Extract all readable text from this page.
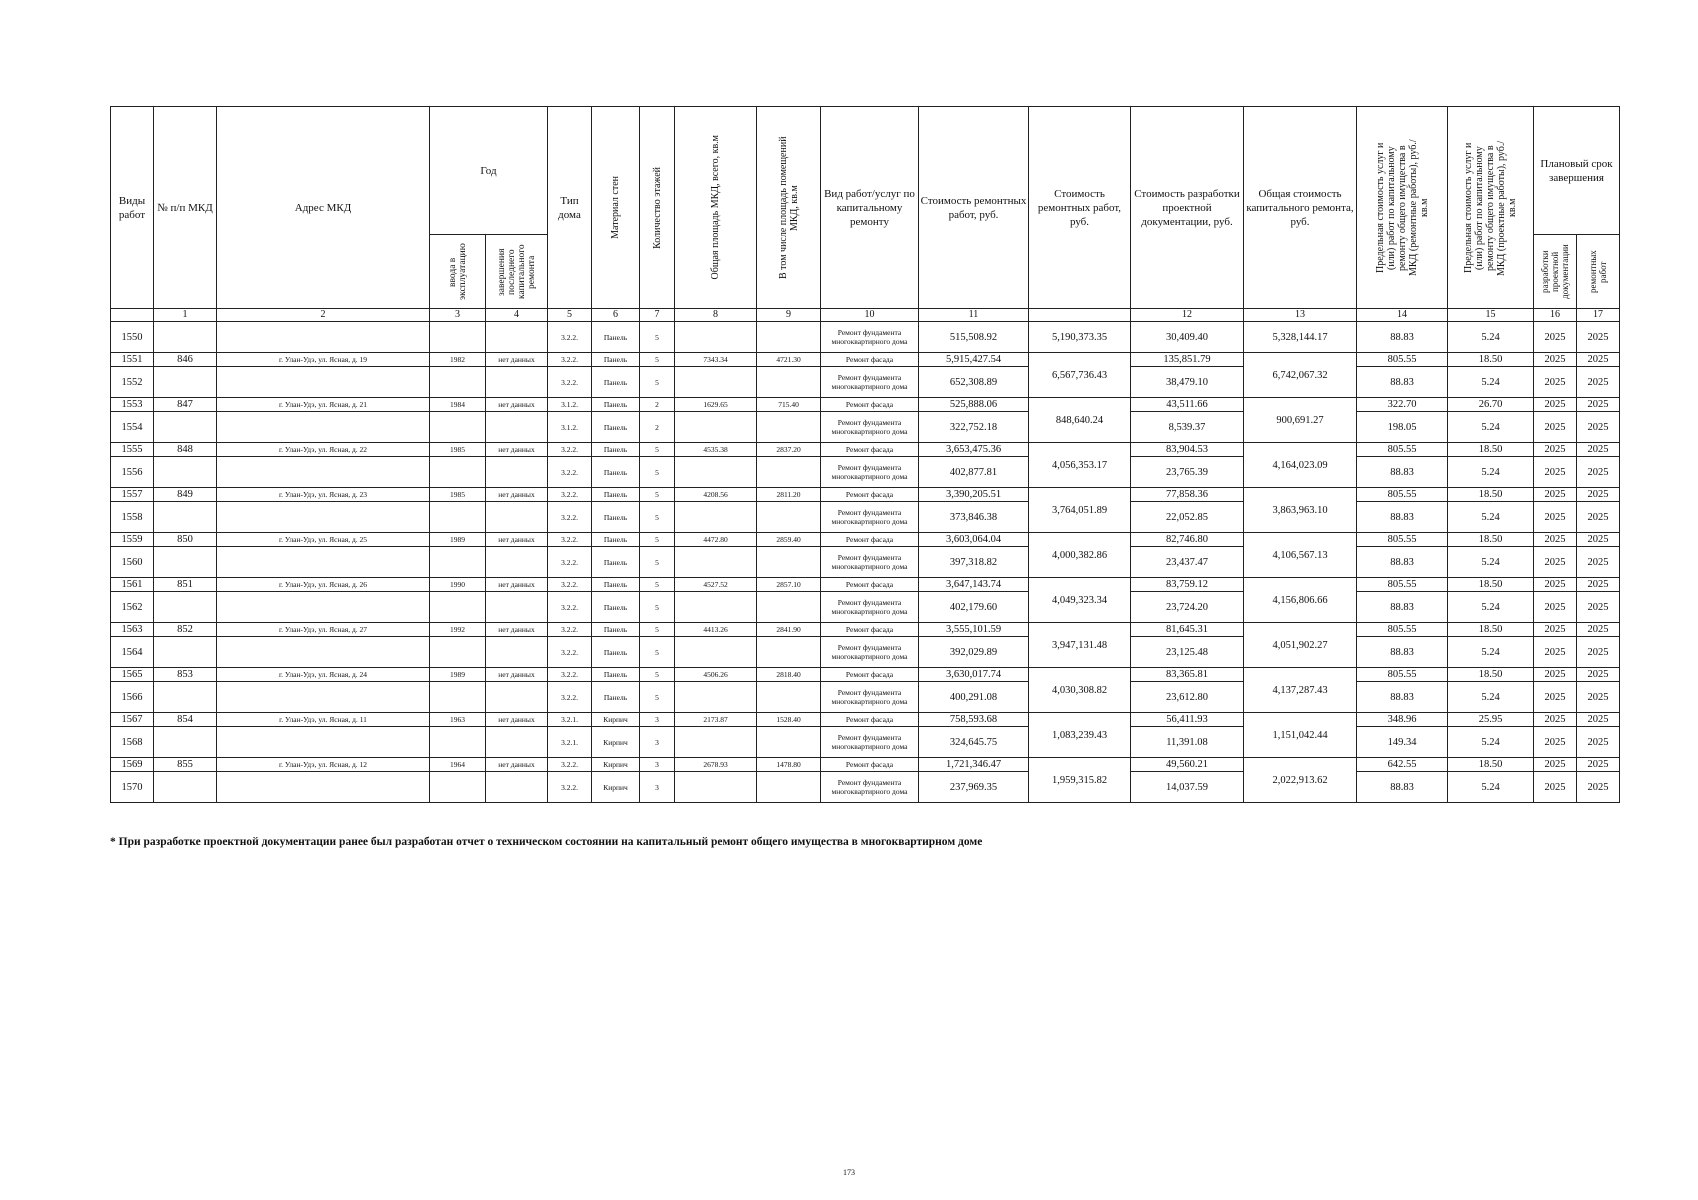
Виды работ	№ п/п МКД	Адрес МКД	Год		Тип дома	Материал стен	Количество этажей	Общая площадь МКД, всего, кв.м	В том числе площадь помещений МКД, кв.м	Вид работ/услуг по капитальному ремонту	Стоимость ремонтных работ, руб.	Стоимость ремонтных работ, руб.	Стоимость разработки проектной документации, руб.	Общая стоимость капитального ремонта, руб.	Предельная стоимость услуг и (или) работ по капитальному ремонту общего имущества в МКД (ремонтные работы), руб./кв.м	Предельная стоимость услуг и (или) работ по капитальному ремонту общего имущества в МКД (проектные работы), руб./кв.м	Плановый срок завершения	

			ввода в эксплуатацию	завершения последнего капитального ремонта													разработки проектной документации	ремонтных работ

	1	2	3	4	5	6	7	8	9	10	11		12	13	14	15	16	17
1550					3.2.2.	Панель	5			Ремонт фундамента многоквартирного дома	515,508.92	5,190,373.35	30,409.40	5,328,144.17	88.83	5.24	2025	2025
1551	846	г. Улан-Удэ, ул. Ясная, д. 19	1982	нет данных	3.2.2.	Панель	5	7343.34	4721.30	Ремонт фасада	5,915,427.54	6,567,736.43	135,851.79	6,742,067.32	805.55	18.50	2025	2025
1552					3.2.2.	Панель	5			Ремонт фундамента многоквартирного дома	652,308.89		38,479.10		88.83	5.24	2025	2025
1553	847	г. Улан-Удэ, ул. Ясная, д. 21	1984	нет данных	3.1.2.	Панель	2	1629.65	715.40	Ремонт фасада	525,888.06	848,640.24	43,511.66	900,691.27	322.70	26.70	2025	2025
1554					3.1.2.	Панель	2			Ремонт фундамента многоквартирного дома	322,752.18		8,539.37		198.05	5.24	2025	2025
1555	848	г. Улан-Удэ, ул. Ясная, д. 22	1985	нет данных	3.2.2.	Панель	5	4535.38	2837.20	Ремонт фасада	3,653,475.36	4,056,353.17	83,904.53	4,164,023.09	805.55	18.50	2025	2025
1556					3.2.2.	Панель	5			Ремонт фундамента многоквартирного дома	402,877.81		23,765.39		88.83	5.24	2025	2025
1557	849	г. Улан-Удэ, ул. Ясная, д. 23	1985	нет данных	3.2.2.	Панель	5	4208.56	2811.20	Ремонт фасада	3,390,205.51	3,764,051.89	77,858.36	3,863,963.10	805.55	18.50	2025	2025
1558					3.2.2.	Панель	5			Ремонт фундамента многоквартирного дома	373,846.38		22,052.85		88.83	5.24	2025	2025
1559	850	г. Улан-Удэ, ул. Ясная, д. 25	1989	нет данных	3.2.2.	Панель	5	4472.80	2859.40	Ремонт фасада	3,603,064.04	4,000,382.86	82,746.80	4,106,567.13	805.55	18.50	2025	2025
1560					3.2.2.	Панель	5			Ремонт фундамента многоквартирного дома	397,318.82		23,437.47		88.83	5.24	2025	2025
1561	851	г. Улан-Удэ, ул. Ясная, д. 26	1990	нет данных	3.2.2.	Панель	5	4527.52	2857.10	Ремонт фасада	3,647,143.74	4,049,323.34	83,759.12	4,156,806.66	805.55	18.50	2025	2025
1562					3.2.2.	Панель	5			Ремонт фундамента многоквартирного дома	402,179.60		23,724.20		88.83	5.24	2025	2025
1563	852	г. Улан-Удэ, ул. Ясная, д. 27	1992	нет данных	3.2.2.	Панель	5	4413.26	2841.90	Ремонт фасада	3,555,101.59	3,947,131.48	81,645.31	4,051,902.27	805.55	18.50	2025	2025
1564					3.2.2.	Панель	5			Ремонт фундамента многоквартирного дома	392,029.89		23,125.48		88.83	5.24	2025	2025
1565	853	г. Улан-Удэ, ул. Ясная, д. 24	1989	нет данных	3.2.2.	Панель	5	4506.26	2818.40	Ремонт фасада	3,630,017.74	4,030,308.82	83,365.81	4,137,287.43	805.55	18.50	2025	2025
1566					3.2.2.	Панель	5			Ремонт фундамента многоквартирного дома	400,291.08		23,612.80		88.83	5.24	2025	2025
1567	854	г. Улан-Удэ, ул. Ясная, д. 11	1963	нет данных	3.2.1.	Кирпич	3	2173.87	1528.40	Ремонт фасада	758,593.68	1,083,239.43	56,411.93	1,151,042.44	348.96	25.95	2025	2025
1568					3.2.1.	Кирпич	3			Ремонт фундамента многоквартирного дома	324,645.75		11,391.08		149.34	5.24	2025	2025
1569	855	г. Улан-Удэ, ул. Ясная, д. 12	1964	нет данных	3.2.2.	Кирпич	3	2678.93	1478.80	Ремонт фасада	1,721,346.47	1,959,315.82	49,560.21	2,022,913.62	642.55	18.50	2025	2025
1570					3.2.2.	Кирпич	3			Ремонт фундамента многоквартирного дома	237,969.35		14,037.59		88.83	5.24	2025	2025
* При разработке проектной документации ранее был разработан отчет о техническом состоянии на капитальный ремонт общего имущества в многоквартирном доме
173
